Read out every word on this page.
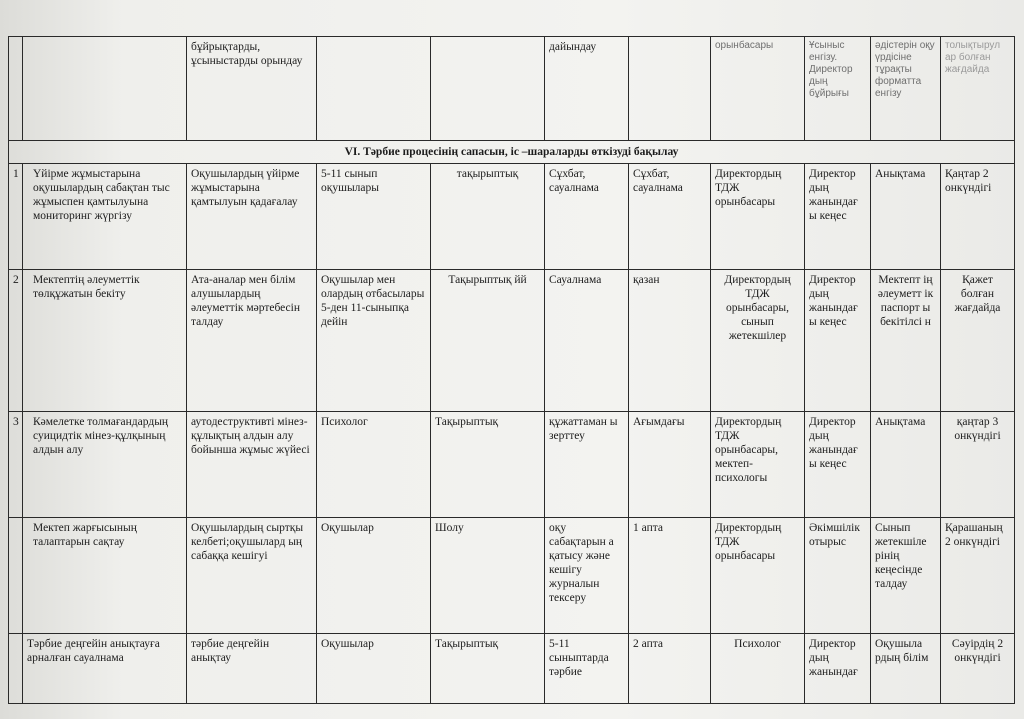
		бұйрықтарды, ұсыныстарды орындау			дайындау		орынбасары	Ұсыныс енгізу. Директор дың бұйрығы	әдістерін оқу үрдісіне тұрақты форматта енгізу	толықтырул ар болған жағдайда
VI. Тәрбие процесінің сапасын, іс –шараларды өткізуді бақылау										
1	Үйірме жұмыстарына оқушылардың сабақтан тыс жұмыспен қамтылуына мониторинг жүргізу	Оқушылардың үйірме жұмыстарына қамтылуын қадағалау	5-11 сынып оқушылары	тақырыптық	Сұхбат, сауалнама	Сұхбат, сауалнама	Директордың ТДЖ орынбасары	Директор дың жанындағ ы кеңес	Анықтама	Қаңтар 2 онкүндігі
2	Мектептің әлеуметтік төлқұжатын бекіту	Ата-аналар мен білім алушылардың әлеуметтік мәртебесін талдау	Оқушылар мен олардың отбасылары 5-ден 11-сыныпқа дейін	Тақырыптық йй	Сауалнама	қазан	Директордың ТДЖ орынбасары, сынып жетекшілер	Директор дың жанындағ ы кеңес	Мектепт ің әлеуметт ік паспорт ы бекітілсі н	Қажет болған жағдайда
3	Кәмелетке толмағандардың суицидтік мінез-құлқының алдын алу	аутодеструктивті мінез-құлықтың алдын алу бойынша жұмыс жүйесі	Психолог	Тақырыптық	құжаттаман ы зерттеу	Ағымдағы	Директордың ТДЖ орынбасары, мектеп-психологы	Директор дың жанындағ ы кеңес	Анықтама	қаңтар 3 онкүндігі
	Мектеп жарғысының талаптарын сақтау	Оқушылардың сыртқы келбеті;оқушылард ың сабаққа кешігуі	Оқушылар	Шолу	оқу сабақтарын а қатысу және кешігу журналын тексеру	1 апта	Директордың ТДЖ орынбасары	Әкімшілік отырыс	Сынып жетекшіле рінің кеңесінде талдау	Қарашаның 2 онкүндігі
	Тәрбие деңгейін анықтауға арналған сауалнама	тәрбие деңгейін анықтау	Оқушылар	Тақырыптық	5-11 сыныптарда тәрбие	2 апта	Психолог	Директор дың жанындағ	Оқушыла рдың білім	Сәуірдің 2 онкүндігі
